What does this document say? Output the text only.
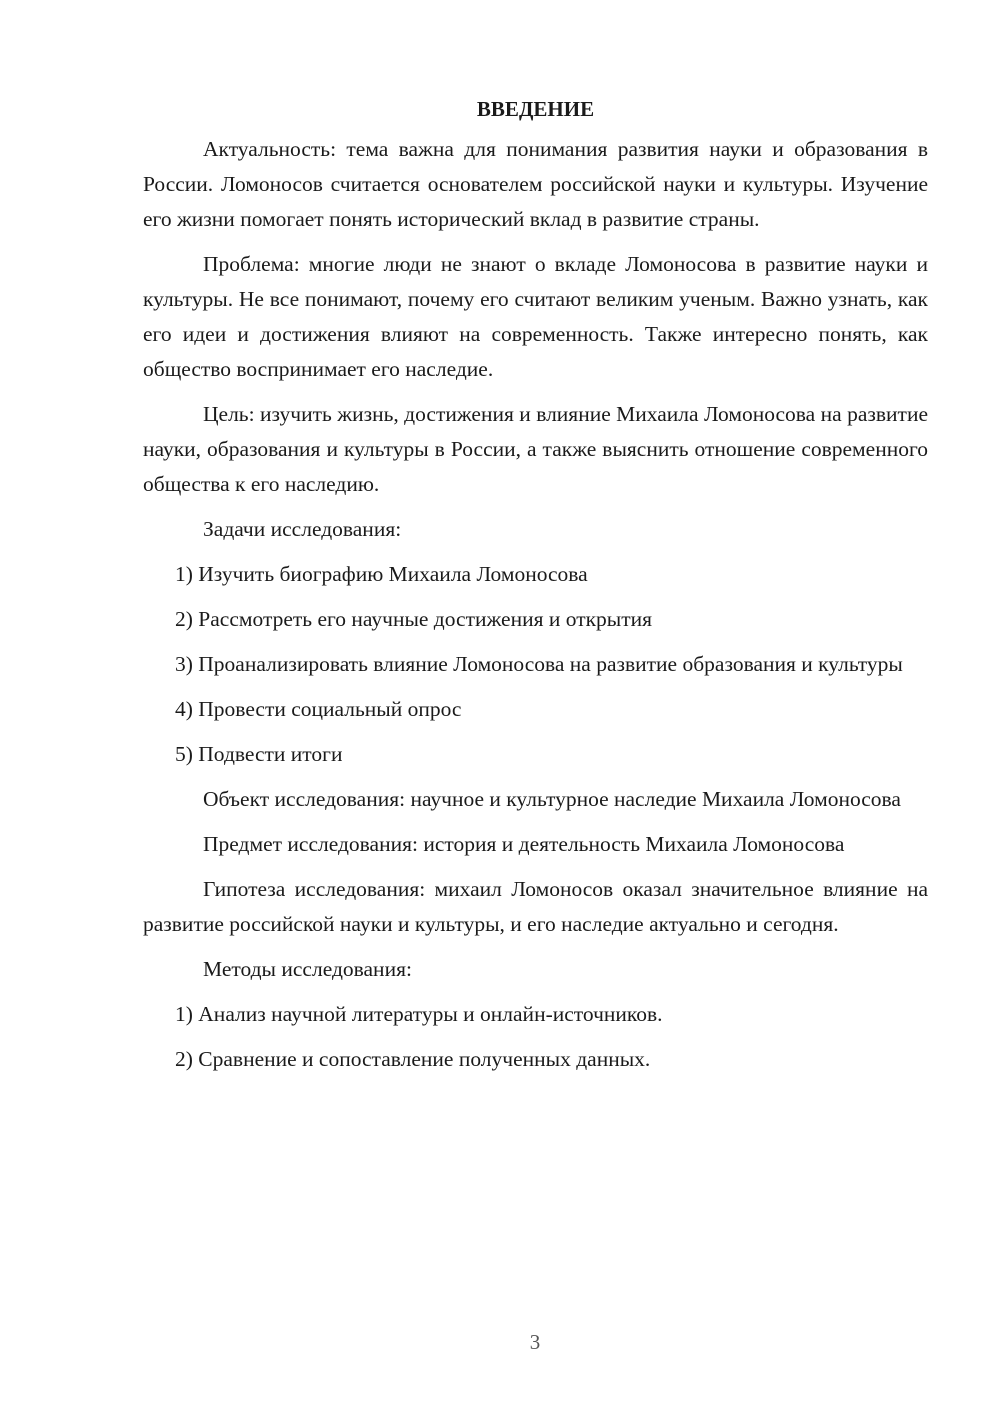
ВВЕДЕНИЕ

Актуальность: тема важна для понимания развития науки и образования в России. Ломоносов считается основателем российской науки и культуры. Изучение его жизни помогает понять исторический вклад в развитие страны.

Проблема: многие люди не знают о вкладе Ломоносова в развитие науки и культуры. Не все понимают, почему его считают великим ученым. Важно узнать, как его идеи и достижения влияют на современность. Также интересно понять, как общество воспринимает его наследие.

Цель: изучить жизнь, достижения и влияние Михаила Ломоносова на развитие науки, образования и культуры в России, а также выяснить отношение современного общества к его наследию.

Задачи исследования:

1) Изучить биографию Михаила Ломоносова

2) Рассмотреть его научные достижения и открытия

3) Проанализировать влияние Ломоносова на развитие образования и культуры

4) Провести социальный опрос

5) Подвести итоги

Объект исследования: научное и культурное наследие Михаила Ломоносова

Предмет исследования: история и деятельность Михаила Ломоносова

Гипотеза исследования: михаил Ломоносов оказал значительное влияние на развитие российской науки и культуры, и его наследие актуально и сегодня.

Методы исследования:

1) Анализ научной литературы и онлайн-источников.

2) Сравнение и сопоставление полученных данных.

3
